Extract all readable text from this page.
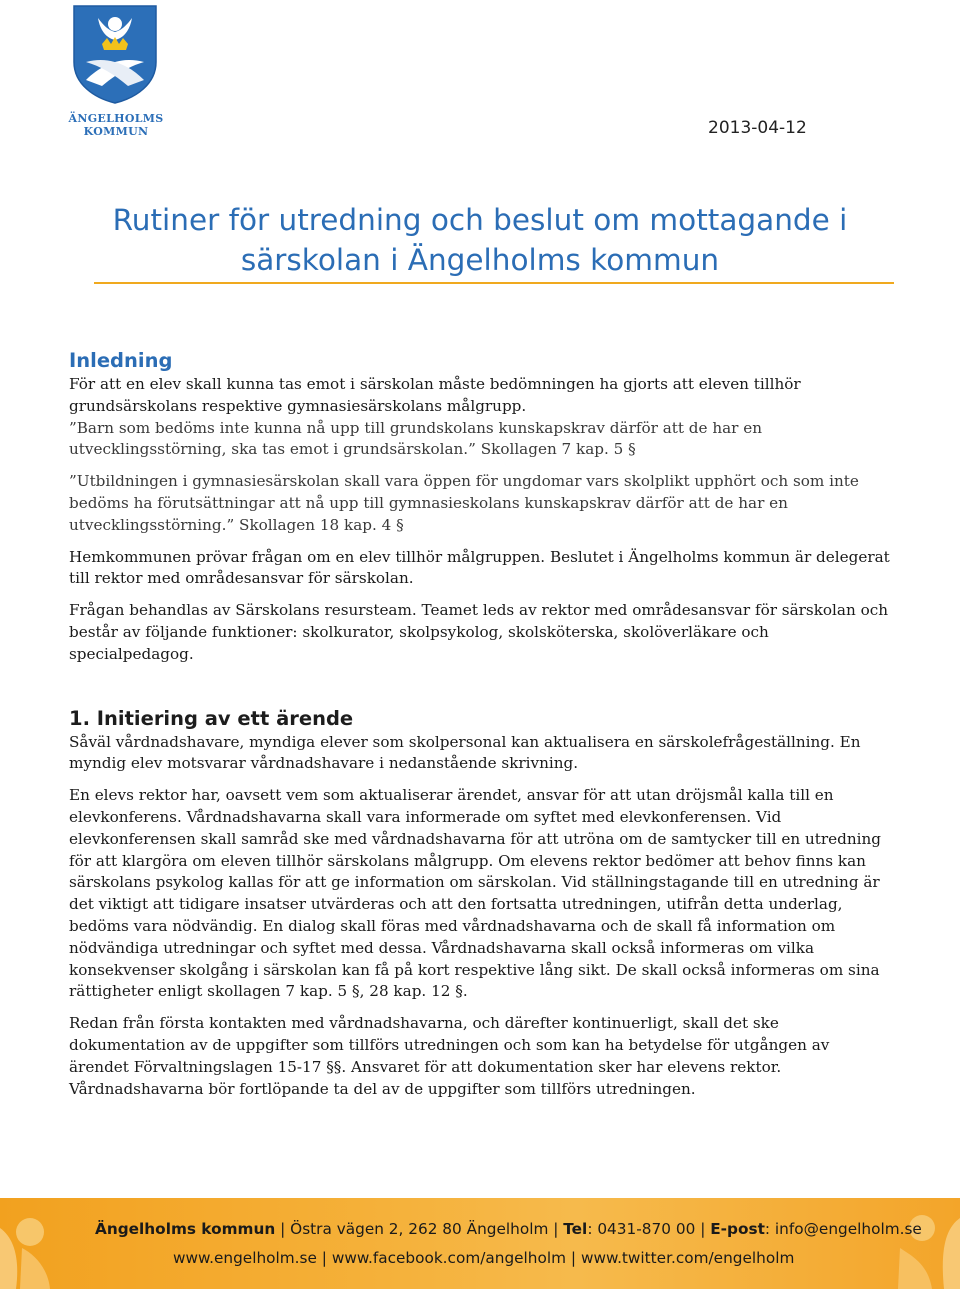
ÄNGELHOLMS
KOMMUN	2013-04-12
Rutiner för utredning och beslut om mottagande i
särskolan i Ängelholms kommun
Inledning

För att en elev skall kunna tas emot i särskolan måste bedömningen ha gjorts att eleven tillhör grundsärskolans respektive gymnasiesärskolans målgrupp.

”Barn som bedöms inte kunna nå upp till grundskolans kunskapskrav därför att de har en utvecklingsstörning, ska tas emot i grundsärskolan.” Skollagen 7 kap. 5 §

”Utbildningen i gymnasiesärskolan skall vara öppen för ungdomar vars skolplikt upphört och som inte bedöms ha förutsättningar att nå upp till gymnasieskolans kunskapskrav därför att de har en utvecklingsstörning.” Skollagen 18 kap. 4 §

Hemkommunen prövar frågan om en elev tillhör målgruppen. Beslutet i Ängelholms kommun är delegerat till rektor med områdesansvar för särskolan.

Frågan behandlas av Särskolans resursteam. Teamet leds av rektor med områdesansvar för särskolan och består av följande funktioner: skolkurator, skolpsykolog, skolsköterska, skolöverläkare och specialpedagog.

1. Initiering av ett ärende

Såväl vårdnadshavare, myndiga elever som skolpersonal kan aktualisera en särskolefrågeställning. En myndig elev motsvarar vårdnadshavare i nedanstående skrivning.

En elevs rektor har, oavsett vem som aktualiserar ärendet, ansvar för att utan dröjsmål kalla till en elevkonferens. Vårdnadshavarna skall vara informerade om syftet med elevkonferensen. Vid elevkonferensen skall samråd ske med vårdnadshavarna för att utröna om de samtycker till en utredning för att klargöra om eleven tillhör särskolans målgrupp. Om elevens rektor bedömer att behov finns kan särskolans psykolog kallas för att ge information om särskolan. Vid ställningstagande till en utredning är det viktigt att tidigare insatser utvärderas och att den fortsatta utredningen, utifrån detta underlag, bedöms vara nödvändig. En dialog skall föras med vårdnadshavarna och de skall få information om nödvändiga utredningar och syftet med dessa. Vårdnadshavarna skall också informeras om vilka konsekvenser skolgång i särskolan kan få på kort respektive lång sikt. De skall också informeras om sina rättigheter enligt skollagen 7 kap. 5 §, 28 kap. 12 §.

Redan från första kontakten med vårdnadshavarna, och därefter kontinuerligt, skall det ske dokumentation av de uppgifter som tillförs utredningen och som kan ha betydelse för utgången av ärendet Förvaltningslagen 15-17 §§. Ansvaret för att dokumentation sker har elevens rektor. Vårdnadshavarna bör fortlöpande ta del av de uppgifter som tillförs utredningen.

Ängelholms kommun | Östra vägen 2, 262 80 Ängelholm | Tel: 0431-870 00 | E-post: info@engelholm.se
www.engelholm.se | www.facebook.com/angelholm | www.twitter.com/engelholm
